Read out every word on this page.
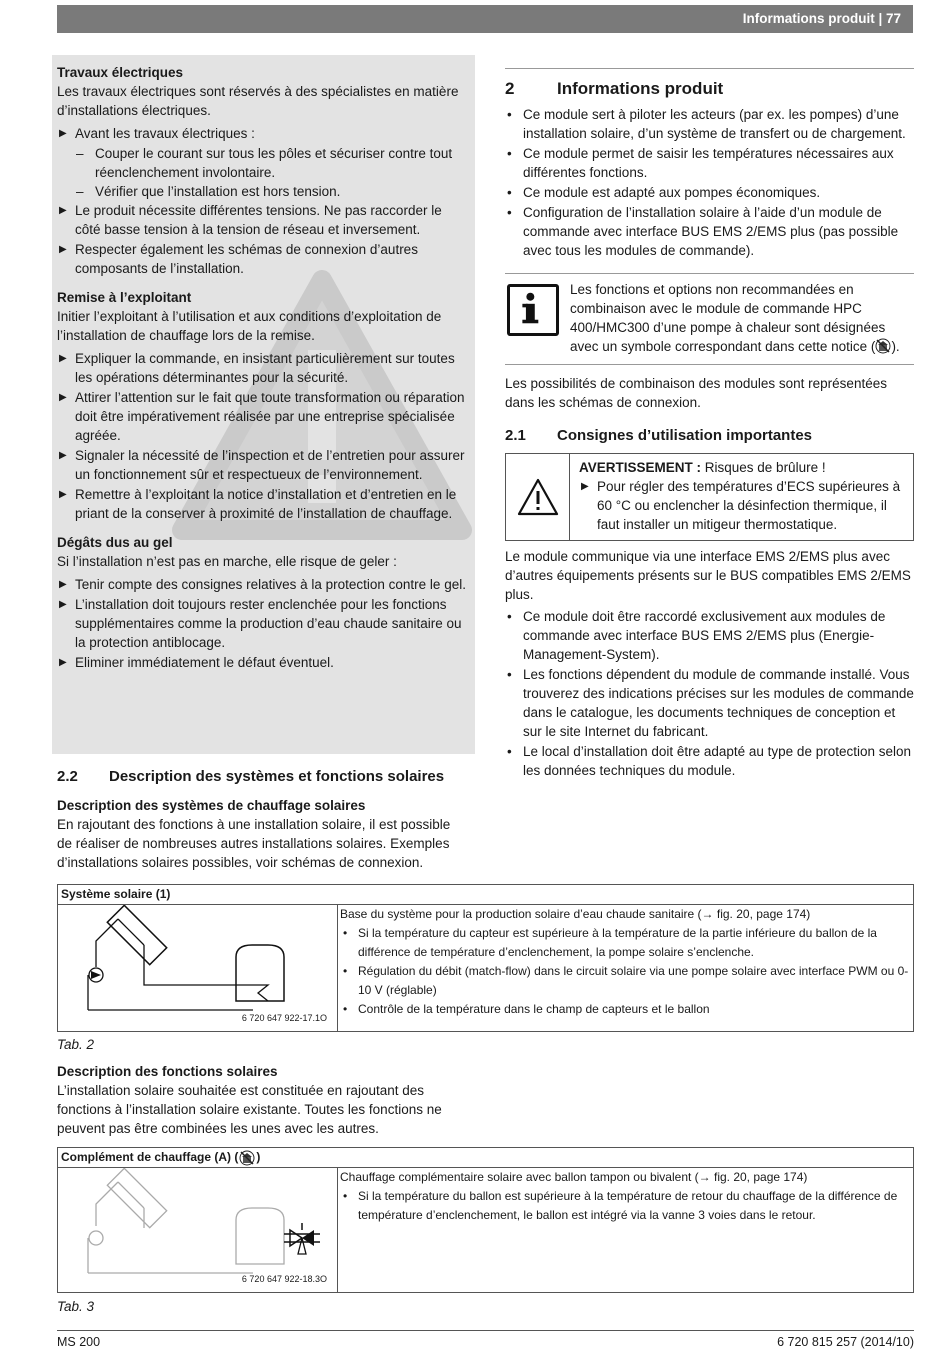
Informations produit | 77
Travaux électriques
Les travaux électriques sont réservés à des spécialistes en matière d’installations électriques.
▶ Avant les travaux électriques :
– Couper le courant sur tous les pôles et sécuriser contre tout réenclenchement involontaire.
– Vérifier que l’installation est hors tension.
▶ Le produit nécessite différentes tensions. Ne pas raccorder le côté basse tension à la tension de réseau et inversement.
▶ Respecter également les schémas de connexion d’autres composants de l’installation.
Remise à l’exploitant
Initier l’exploitant à l’utilisation et aux conditions d’exploitation de l’installation de chauffage lors de la remise.
▶ Expliquer la commande, en insistant particulièrement sur toutes les opérations déterminantes pour la sécurité.
▶ Attirer l’attention sur le fait que toute transformation ou réparation doit être impérativement réalisée par une entreprise spécialisée agréée.
▶ Signaler la nécessité de l’inspection et de l’entretien pour assurer un fonctionnement sûr et respectueux de l’environnement.
▶ Remettre à l’exploitant la notice d’installation et d’entretien en le priant de la conserver à proximité de l’installation de chauffage.
Dégâts dus au gel
Si l’installation n’est pas en marche, elle risque de geler :
▶ Tenir compte des consignes relatives à la protection contre le gel.
▶ L’installation doit toujours rester enclenchée pour les fonctions supplémentaires comme la production d’eau chaude sanitaire ou la protection antiblocage.
▶ Eliminer immédiatement le défaut éventuel.
2	Informations produit
• Ce module sert à piloter les acteurs (par ex. les pompes) d’une installation solaire, d’un système de transfert ou de chargement.
• Ce module permet de saisir les températures nécessaires aux différentes fonctions.
• Ce module est adapté aux pompes économiques.
• Configuration de l’installation solaire à l’aide d’un module de commande avec interface BUS EMS 2/EMS plus (pas possible avec tous les modules de commande).
Les fonctions et options non recommandées en combinaison avec le module de commande HPC 400/HMC300 d’une pompe à chaleur sont désignées avec un symbole correspondant dans cette notice ( ).
Les possibilités de combinaison des modules sont représentées dans les schémas de connexion.
2.1	Consignes d’utilisation importantes
AVERTISSEMENT : Risques de brûlure !
▶ Pour régler des températures d’ECS supérieures à 60 °C ou enclencher la désinfection thermique, il faut installer un mitigeur thermostatique.
Le module communique via une interface EMS 2/EMS plus avec d’autres équipements présents sur le BUS compatibles EMS 2/EMS plus.
• Ce module doit être raccordé exclusivement aux modules de commande avec interface BUS EMS 2/EMS plus (Energie-Management-System).
• Les fonctions dépendent du module de commande installé. Vous trouverez des indications précises sur les modules de commande dans le catalogue, les documents techniques de conception et sur le site Internet du fabricant.
• Le local d’installation doit être adapté au type de protection selon les données techniques du module.
2.2	Description des systèmes et fonctions solaires
Description des systèmes de chauffage solaires
En rajoutant des fonctions à une installation solaire, il est possible de réaliser de nombreuses autres installations solaires. Exemples d’installations solaires possibles, voir schémas de connexion.
Système solaire (1)
6 720 647 922-17.1O
Base du système pour la production solaire d’eau chaude sanitaire (→ fig. 20, page 174)
• Si la température du capteur est supérieure à la température de la partie inférieure du ballon de la différence de température d’enclenchement, la pompe solaire s’enclenche.
• Régulation du débit (match-flow) dans le circuit solaire via une pompe solaire avec interface PWM ou 0-10 V (réglable)
• Contrôle de la température dans le champ de capteurs et le ballon
Tab. 2
Description des fonctions solaires
L’installation solaire souhaitée est constituée en rajoutant des fonctions à l’installation solaire existante. Toutes les fonctions ne peuvent pas être combinées les unes avec les autres.
Complément de chauffage (A) ( )
6 720 647 922-18.3O
Chauffage complémentaire solaire avec ballon tampon ou bivalent (→ fig. 20, page 174)
• Si la température du ballon est supérieure à la température de retour du chauffage de la différence de température d’enclenchement, le ballon est intégré via la vanne 3 voies dans le retour.
Tab. 3
MS 200	6 720 815 257 (2014/10)
